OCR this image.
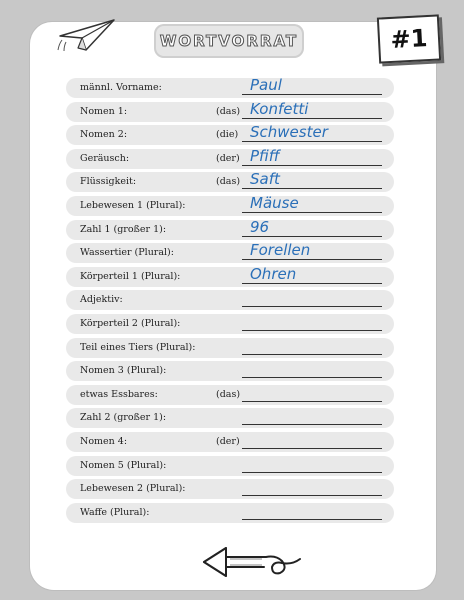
WORTVORRAT	#1
männl. Vorname:	Paul
Nomen 1:	(das) Konfetti
Nomen 2:	(die) Schwester
Geräusch:	(der) Pfiff
Flüssigkeit:	(das) Saft
Lebewesen 1 (Plural):	Mäuse
Zahl 1 (großer 1):	96
Wassertier (Plural):	Forellen
Körperteil 1 (Plural):	Ohren
Adjektiv:
Körperteil 2 (Plural):
Teil eines Tiers (Plural):
Nomen 3 (Plural):
etwas Essbares:	(das)
Zahl 2 (großer 1):
Nomen 4:	(der)
Nomen 5 (Plural):
Lebewesen 2 (Plural):
Waffe (Plural):
